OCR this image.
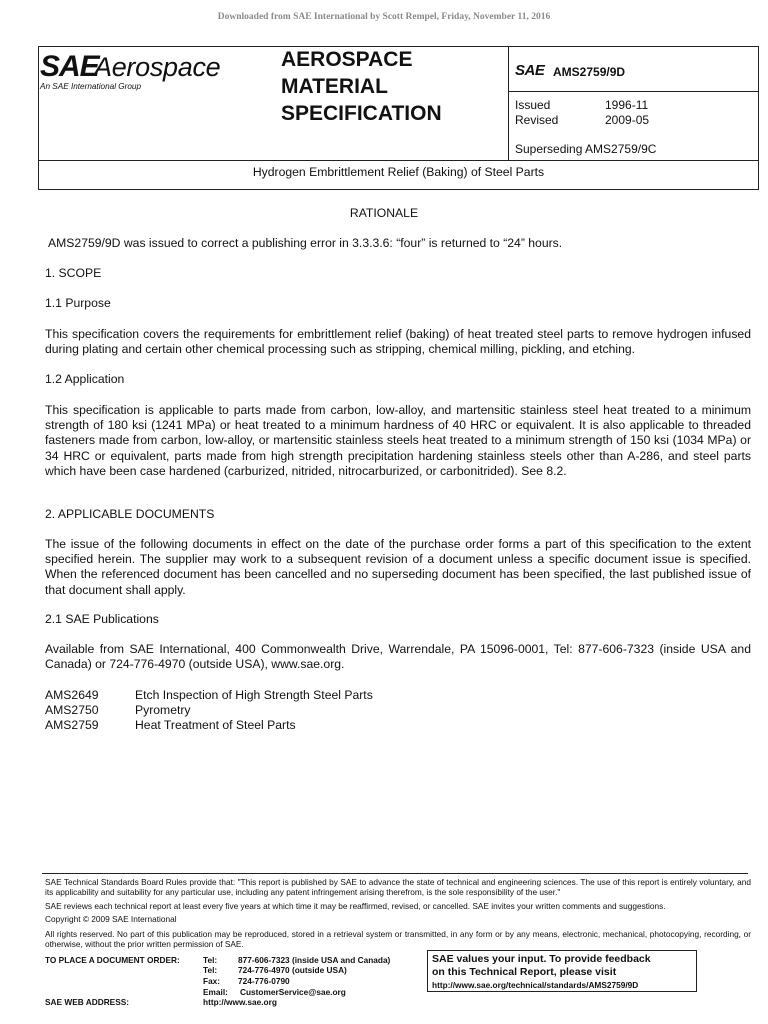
Downloaded from SAE International by Scott Rempel, Friday, November 11, 2016
SAE
Aerospace
An SAE International Group
AEROSPACE
MATERIAL
SPECIFICATION
SAE AMS2759/9D
Issued	1996-11
Revised	2009-05
Superseding AMS2759/9C
Hydrogen Embrittlement Relief (Baking) of Steel Parts
RATIONALE
AMS2759/9D was issued to correct a publishing error in 3.3.3.6: “four” is returned to “24” hours.
1. SCOPE
1.1 Purpose
This specification covers the requirements for embrittlement relief (baking) of heat treated steel parts to remove hydrogen infused during plating and certain other chemical processing such as stripping, chemical milling, pickling, and etching.
1.2 Application
This specification is applicable to parts made from carbon, low-alloy, and martensitic stainless steel heat treated to a minimum strength of 180 ksi (1241 MPa) or heat treated to a minimum hardness of 40 HRC or equivalent. It is also applicable to threaded fasteners made from carbon, low-alloy, or martensitic stainless steels heat treated to a minimum strength of 150 ksi (1034 MPa) or 34 HRC or equivalent, parts made from high strength precipitation hardening stainless steels other than A-286, and steel parts which have been case hardened (carburized, nitrided, nitrocarburized, or carbonitrided). See 8.2.
2. APPLICABLE DOCUMENTS
The issue of the following documents in effect on the date of the purchase order forms a part of this specification to the extent specified herein. The supplier may work to a subsequent revision of a document unless a specific document issue is specified. When the referenced document has been cancelled and no superseding document has been specified, the last published issue of that document shall apply.
2.1 SAE Publications
Available from SAE International, 400 Commonwealth Drive, Warrendale, PA 15096-0001, Tel: 877-606-7323 (inside USA and Canada) or 724-776-4970 (outside USA), www.sae.org.
AMS2649	Etch Inspection of High Strength Steel Parts
AMS2750	Pyrometry
AMS2759	Heat Treatment of Steel Parts
SAE Technical Standards Board Rules provide that: "This report is published by SAE to advance the state of technical and engineering sciences. The use of this report is entirely voluntary, and its applicability and suitability for any particular use, including any patent infringement arising therefrom, is the sole responsibility of the user."
SAE reviews each technical report at least every five years at which time it may be reaffirmed, revised, or cancelled. SAE invites your written comments and suggestions.
Copyright © 2009 SAE International
All rights reserved. No part of this publication may be reproduced, stored in a retrieval system or transmitted, in any form or by any means, electronic, mechanical, photocopying, recording, or otherwise, without the prior written permission of SAE.
TO PLACE A DOCUMENT ORDER:	Tel:	877-606-7323 (inside USA and Canada)
Tel:	724-776-4970 (outside USA)
Fax: 724-776-0790
Email: CustomerService@sae.org
SAE WEB ADDRESS:	http://www.sae.org
SAE values your input. To provide feedback
on this Technical Report, please visit
http://www.sae.org/technical/standards/AMS2759/9D
